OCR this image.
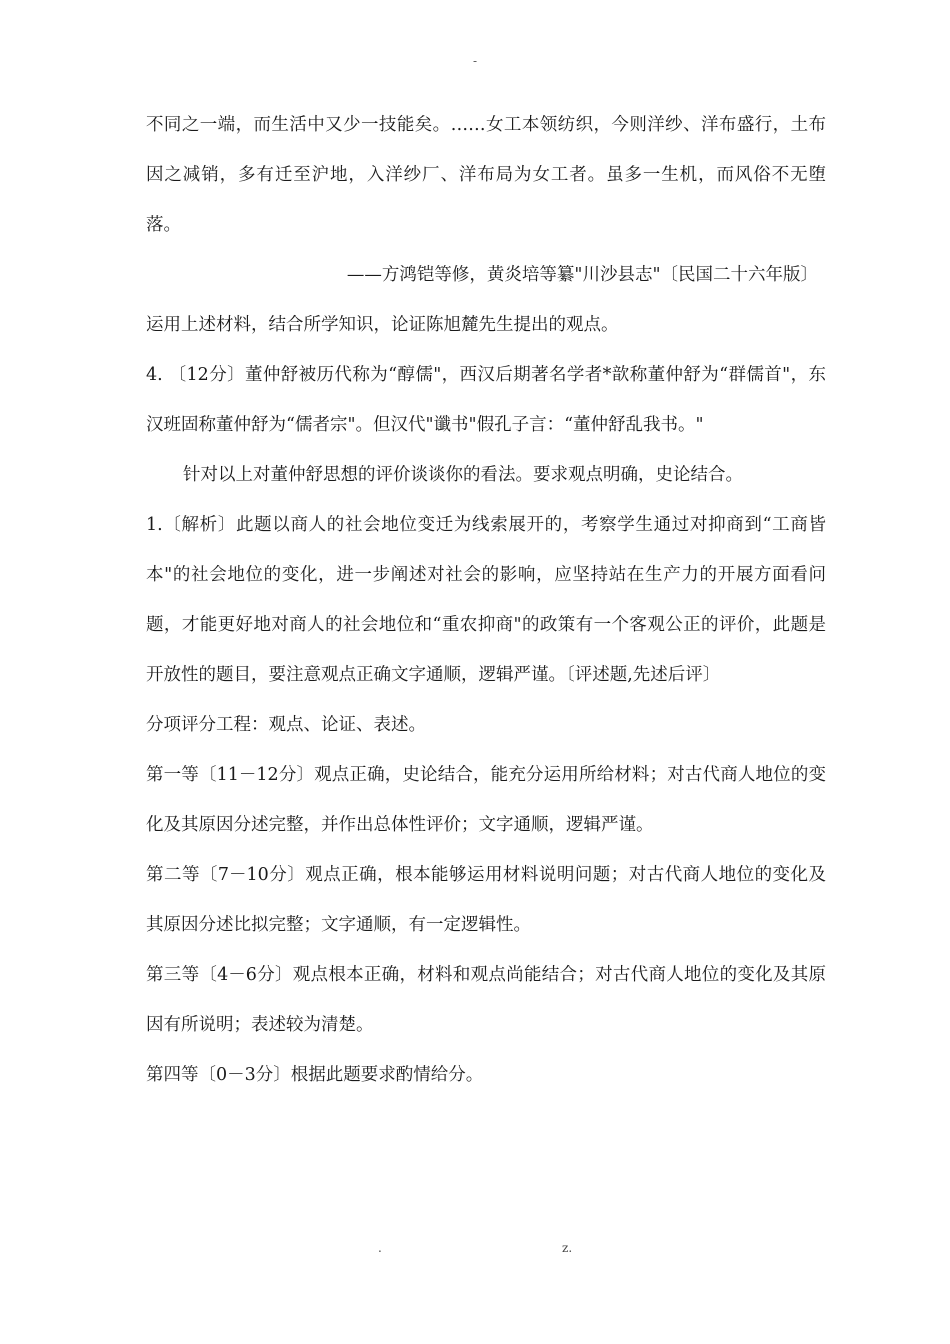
-

不同之一端，而生活中又少一技能矣。……女工本领纺织，今则洋纱、洋布盛行，土布因之减销，多有迁至沪地，入洋纱厂、洋布局为女工者。虽多一生机，而风俗不无堕落。

——方鸿铠等修，黄炎培等纂"川沙县志"〔民国二十六年版〕

运用上述材料，结合所学知识，论证陈旭麓先生提出的观点。

4. 〔12分〕董仲舒被历代称为“醇儒"，西汉后期著名学者*歆称董仲舒为“群儒首"，东汉班固称董仲舒为“儒者宗"。但汉代"谶书"假孔子言：“董仲舒乱我书。"

针对以上对董仲舒思想的评价谈谈你的看法。要求观点明确，史论结合。

1.〔解析〕此题以商人的社会地位变迁为线索展开的，考察学生通过对抑商到“工商皆本"的社会地位的变化，进一步阐述对社会的影响，应坚持站在生产力的开展方面看问题，才能更好地对商人的社会地位和“重农抑商"的政策有一个客观公正的评价，此题是开放性的题目，要注意观点正确文字通顺，逻辑严谨。〔评述题,先述后评〕

分项评分工程：观点、论证、表述。

第一等〔11－12分〕观点正确，史论结合，能充分运用所给材料；对古代商人地位的变化及其原因分述完整，并作出总体性评价；文字通顺，逻辑严谨。

第二等〔7－10分〕观点正确，根本能够运用材料说明问题；对古代商人地位的变化及其原因分述比拟完整；文字通顺，有一定逻辑性。

第三等〔4－6分〕观点根本正确，材料和观点尚能结合；对古代商人地位的变化及其原因有所说明；表述较为清楚。

第四等〔0－3分〕根据此题要求酌情给分。

.	z.
